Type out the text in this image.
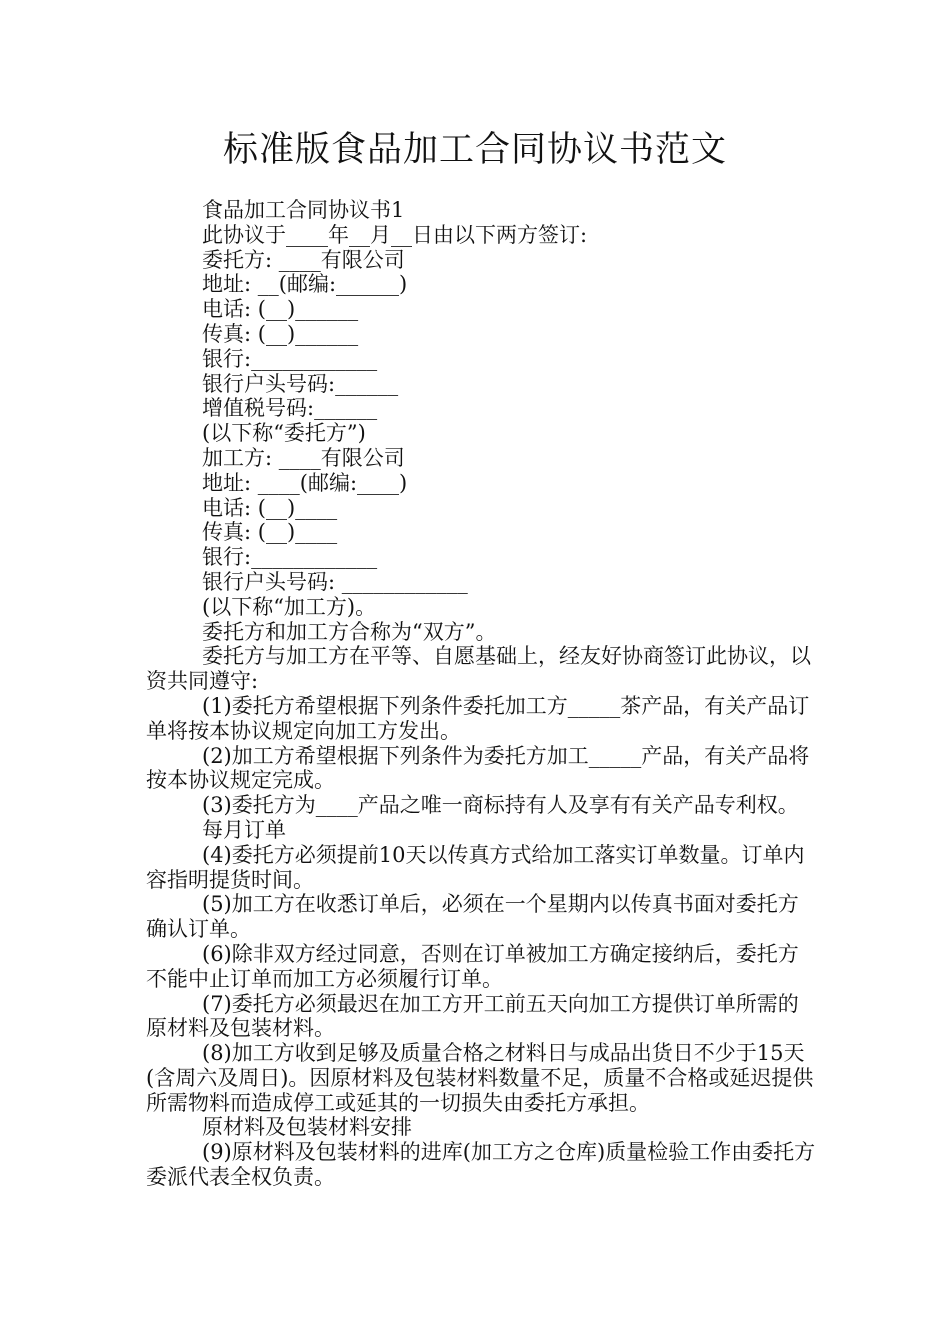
标准版食品加工合同协议书范文

食品加工合同协议书1

此协议于____年__月__日由以下两方签订:

委托方: ____有限公司

地址: __(邮编:______)

电话: (__)______

传真: (__)______

银行:____________

银行户头号码:______

增值税号码:______

(以下称“委托方”)

加工方: ____有限公司

地址: ____(邮编:____)

电话: (__)____

传真: (__)____

银行:____________

银行户头号码: ____________

(以下称“加工方)。

委托方和加工方合称为“双方”。

委托方与加工方在平等、自愿基础上，经友好协商签订此协议，以资共同遵守:

(1)委托方希望根据下列条件委托加工方_____茶产品，有关产品订单将按本协议规定向加工方发出。

(2)加工方希望根据下列条件为委托方加工_____产品，有关产品将按本协议规定完成。

(3)委托方为____产品之唯一商标持有人及享有有关产品专利权。

每月订单

(4)委托方必须提前10天以传真方式给加工落实订单数量。订单内容指明提货时间。

(5)加工方在收悉订单后，必须在一个星期内以传真书面对委托方确认订单。

(6)除非双方经过同意，否则在订单被加工方确定接纳后，委托方不能中止订单而加工方必须履行订单。

(7)委托方必须最迟在加工方开工前五天向加工方提供订单所需的原材料及包装材料。

(8)加工方收到足够及质量合格之材料日与成品出货日不少于15天(含周六及周日)。因原材料及包装材料数量不足，质量不合格或延迟提供所需物料而造成停工或延其的一切损失由委托方承担。

原材料及包装材料安排

(9)原材料及包装材料的进库(加工方之仓库)质量检验工作由委托方委派代表全权负责。
